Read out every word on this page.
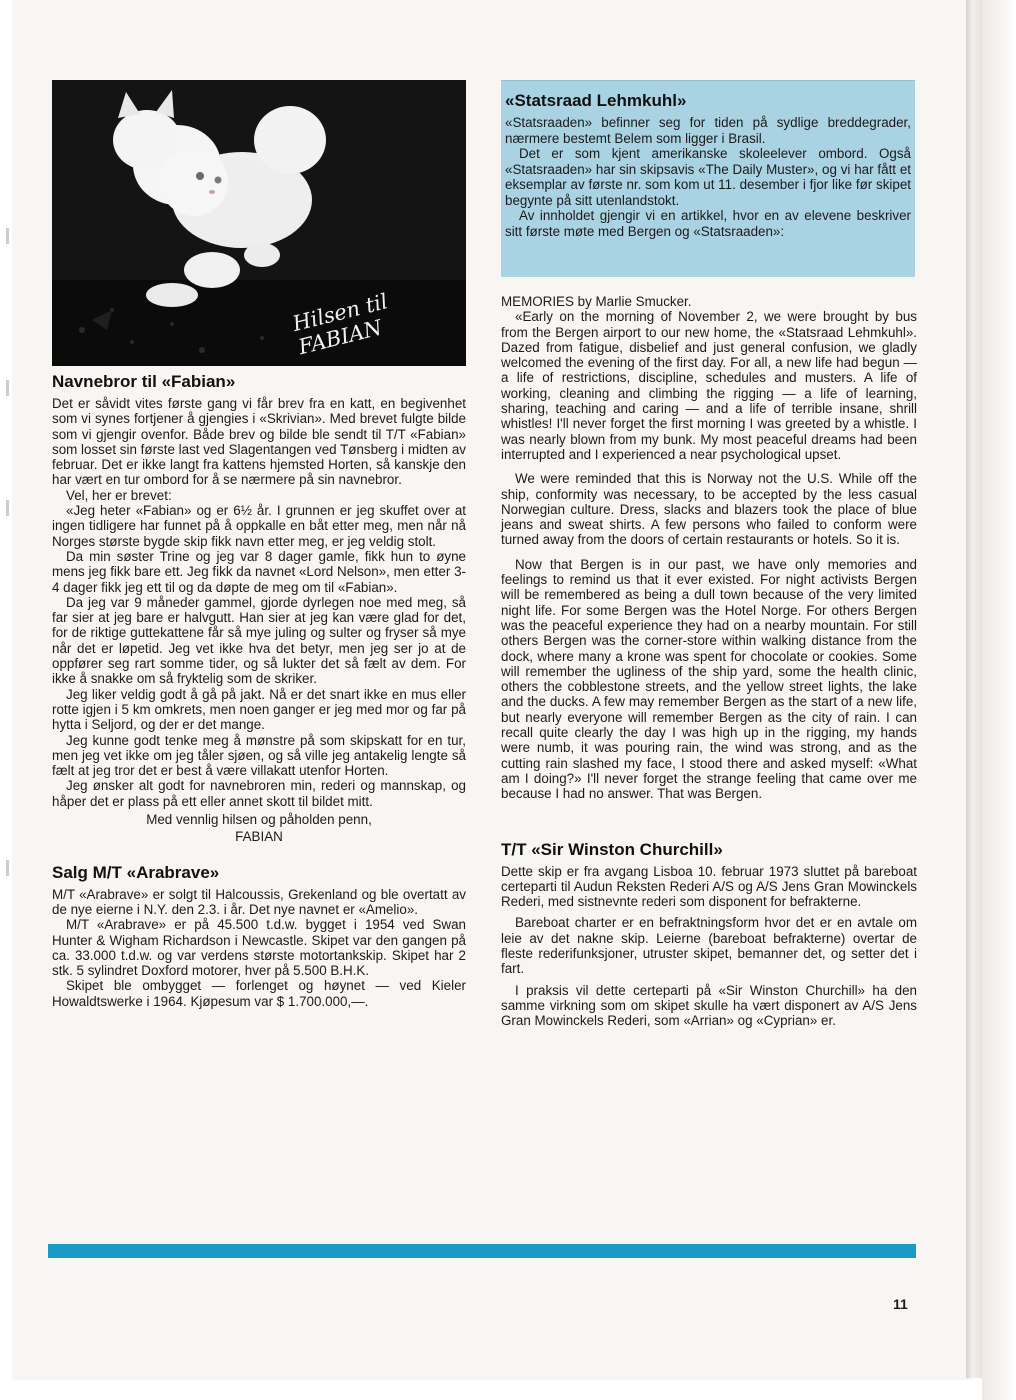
Hilsen til FABIAN
«Statsraad Lehmkuhl»

«Statsraaden» befinner seg for tiden på sydlige breddegrader, nærmere bestemt Belem som ligger i Brasil.

Det er som kjent amerikanske skoleelever ombord. Også «Statsraaden» har sin skipsavis «The Daily Muster», og vi har fått et eksemplar av første nr. som kom ut 11. desember i fjor like før skipet begynte på sitt utenlandstokt.

Av innholdet gjengir vi en artikkel, hvor en av elevene beskriver sitt første møte med Bergen og «Statsraaden»:

Navnebror til «Fabian»

Det er såvidt vites første gang vi får brev fra en katt, en begivenhet som vi synes fortjener å gjengies i «Skrivian». Med brevet fulgte bilde som vi gjengir ovenfor. Både brev og bilde ble sendt til T/T «Fabian» som losset sin første last ved Slagentangen ved Tønsberg i midten av februar. Det er ikke langt fra kattens hjemsted Horten, så kanskje den har vært en tur ombord for å se nærmere på sin navnebror.

Vel, her er brevet:

«Jeg heter «Fabian» og er 6½ år. I grunnen er jeg skuffet over at ingen tidligere har funnet på å oppkalle en båt etter meg, men når nå Norges største bygde skip fikk navn etter meg, er jeg veldig stolt.

Da min søster Trine og jeg var 8 dager gamle, fikk hun to øyne mens jeg fikk bare ett. Jeg fikk da navnet «Lord Nelson», men etter 3-4 dager fikk jeg ett til og da døpte de meg om til «Fabian».

Da jeg var 9 måneder gammel, gjorde dyrlegen noe med meg, så far sier at jeg bare er halvgutt. Han sier at jeg kan være glad for det, for de riktige guttekattene får så mye juling og sulter og fryser så mye når det er løpetid. Jeg vet ikke hva det betyr, men jeg ser jo at de oppfører seg rart somme tider, og så lukter det så fælt av dem. For ikke å snakke om så fryktelig som de skriker.

Jeg liker veldig godt å gå på jakt. Nå er det snart ikke en mus eller rotte igjen i 5 km omkrets, men noen ganger er jeg med mor og far på hytta i Seljord, og der er det mange.

Jeg kunne godt tenke meg å mønstre på som skipskatt for en tur, men jeg vet ikke om jeg tåler sjøen, og så ville jeg antakelig lengte så fælt at jeg tror det er best å være villakatt utenfor Horten.

Jeg ønsker alt godt for navnebroren min, rederi og mannskap, og håper det er plass på ett eller annet skott til bildet mitt.

Med vennlig hilsen og påholden penn,

FABIAN

Salg M/T «Arabrave»

M/T «Arabrave» er solgt til Halcoussis, Grekenland og ble overtatt av de nye eierne i N.Y. den 2.3. i år. Det nye navnet er «Amelio».

M/T «Arabrave» er på 45.500 t.d.w. bygget i 1954 ved Swan Hunter & Wigham Richardson i Newcastle. Skipet var den gangen på ca. 33.000 t.d.w. og var verdens største motortankskip. Skipet har 2 stk. 5 sylindret Doxford motorer, hver på 5.500 B.H.K.

Skipet ble ombygget — forlenget og høynet — ved Kieler Howaldtswerke i 1964. Kjøpesum var $ 1.700.000,—.

MEMORIES by Marlie Smucker.

«Early on the morning of November 2, we were brought by bus from the Bergen airport to our new home, the «Statsraad Lehmkuhl». Dazed from fatigue, disbelief and just general confusion, we gladly welcomed the evening of the first day. For all, a new life had begun — a life of restrictions, discipline, schedules and musters. A life of working, cleaning and climbing the rigging — a life of learning, sharing, teaching and caring — and a life of terrible insane, shrill whistles! I'll never forget the first morning I was greeted by a whistle. I was nearly blown from my bunk. My most peaceful dreams had been interrupted and I experienced a near psychological upset.

We were reminded that this is Norway not the U.S. While off the ship, conformity was necessary, to be accepted by the less casual Norwegian culture. Dress, slacks and blazers took the place of blue jeans and sweat shirts. A few persons who failed to conform were turned away from the doors of certain restaurants or hotels. So it is.

Now that Bergen is in our past, we have only memories and feelings to remind us that it ever existed. For night activists Bergen will be remembered as being a dull town because of the very limited night life. For some Bergen was the Hotel Norge. For others Bergen was the peaceful experience they had on a nearby mountain. For still others Bergen was the corner-store within walking distance from the dock, where many a krone was spent for chocolate or cookies. Some will remember the ugliness of the ship yard, some the health clinic, others the cobblestone streets, and the yellow street lights, the lake and the ducks. A few may remember Bergen as the start of a new life, but nearly everyone will remember Bergen as the city of rain. I can recall quite clearly the day I was high up in the rigging, my hands were numb, it was pouring rain, the wind was strong, and as the cutting rain slashed my face, I stood there and asked myself: «What am I doing?» I'll never forget the strange feeling that came over me because I had no answer. That was Bergen.

T/T «Sir Winston Churchill»

Dette skip er fra avgang Lisboa 10. februar 1973 sluttet på bareboat certeparti til Audun Reksten Rederi A/S og A/S Jens Gran Mowinckels Rederi, med sistnevnte rederi som disponent for befrakterne.

Bareboat charter er en befraktningsform hvor det er en avtale om leie av det nakne skip. Leierne (bareboat befrakterne) overtar de fleste rederifunksjoner, utruster skipet, bemanner det, og setter det i fart.

I praksis vil dette certeparti på «Sir Winston Churchill» ha den samme virkning som om skipet skulle ha vært disponert av A/S Jens Gran Mowinckels Rederi, som «Arrian» og «Cyprian» er.

11
